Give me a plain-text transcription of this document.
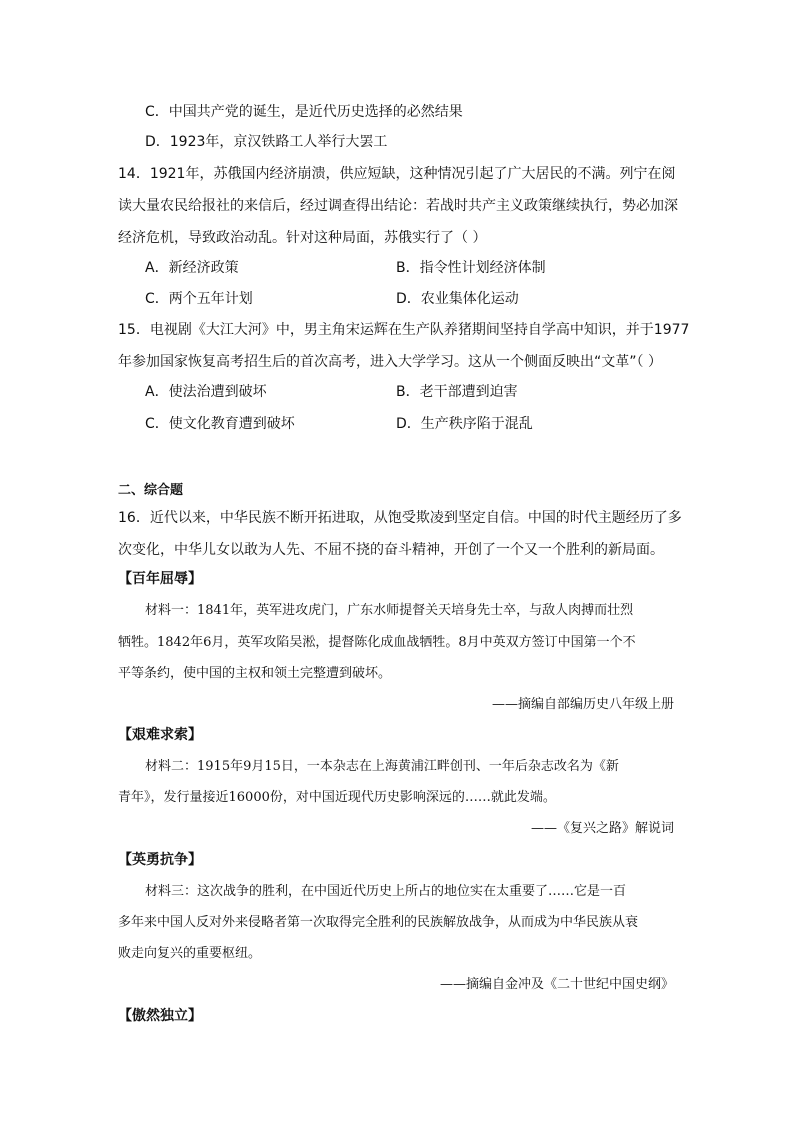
C．中国共产党的诞生，是近代历史选择的必然结果
D．1923年，京汉铁路工人举行大罢工
14．1921年，苏俄国内经济崩溃，供应短缺，这种情况引起了广大居民的不满。列宁在阅
读大量农民给报社的来信后，经过调查得出结论：若战时共产主义政策继续执行，势必加深
经济危机，导致政治动乱。针对这种局面，苏俄实行了（ ）
A．新经济政策	B．指令性计划经济体制
C．两个五年计划	D．农业集体化运动
15．电视剧《大江大河》中，男主角宋运辉在生产队养猪期间坚持自学高中知识，并于1977
年参加国家恢复高考招生后的首次高考，进入大学学习。这从一个侧面反映出“文革”（ ）
A．使法治遭到破坏	B．老干部遭到迫害
C．使文化教育遭到破坏	D．生产秩序陷于混乱
二、综合题
16．近代以来，中华民族不断开拓进取，从饱受欺凌到坚定自信。中国的时代主题经历了多
次变化，中华儿女以敢为人先、不屈不挠的奋斗精神，开创了一个又一个胜利的新局面。
【百年屈辱】
材料一：1841年，英军进攻虎门，广东水师提督关天培身先士卒，与敌人肉搏而壮烈
牺牲。1842年6月，英军攻陷吴淞，提督陈化成血战牺牲。8月中英双方签订中国第一个不
平等条约，使中国的主权和领土完整遭到破坏。
——摘编自部编历史八年级上册
【艰难求索】
材料二：1915年9月15日，一本杂志在上海黄浦江畔创刊、一年后杂志改名为《新
青年》，发行量接近16000份，对中国近现代历史影响深远的……就此发端。
——《复兴之路》解说词
【英勇抗争】
材料三：这次战争的胜利，在中国近代历史上所占的地位实在太重要了……它是一百
多年来中国人反对外来侵略者第一次取得完全胜利的民族解放战争，从而成为中华民族从衰
败走向复兴的重要枢纽。
——摘编自金冲及《二十世纪中国史纲》
【傲然独立】
